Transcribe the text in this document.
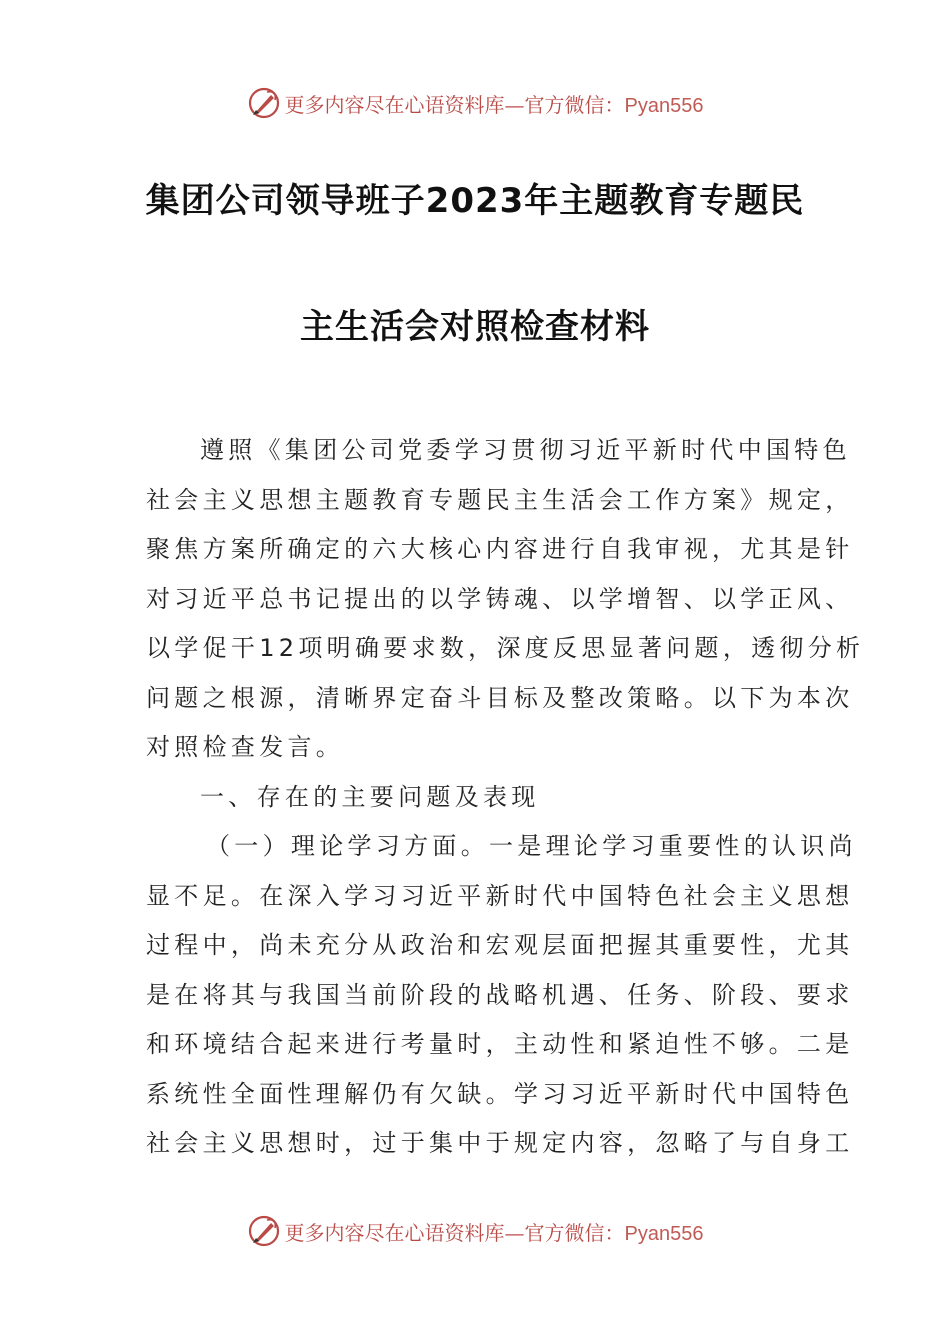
更多内容尽在心语资料库—官方微信：Pyan556
集团公司领导班子2023年主题教育专题民
主生活会对照检查材料
遵照《集团公司党委学习贯彻习近平新时代中国特色
社会主义思想主题教育专题民主生活会工作方案》规定，
聚焦方案所确定的六大核心内容进行自我审视，尤其是针
对习近平总书记提出的以学铸魂、以学增智、以学正风、
以学促干12项明确要求数，深度反思显著问题，透彻分析
问题之根源，清晰界定奋斗目标及整改策略。以下为本次
对照检查发言。
一、存在的主要问题及表现
（一）理论学习方面。一是理论学习重要性的认识尚
显不足。在深入学习习近平新时代中国特色社会主义思想
过程中，尚未充分从政治和宏观层面把握其重要性，尤其
是在将其与我国当前阶段的战略机遇、任务、阶段、要求
和环境结合起来进行考量时，主动性和紧迫性不够。二是
系统性全面性理解仍有欠缺。学习习近平新时代中国特色
社会主义思想时，过于集中于规定内容，忽略了与自身工
更多内容尽在心语资料库—官方微信：Pyan556
